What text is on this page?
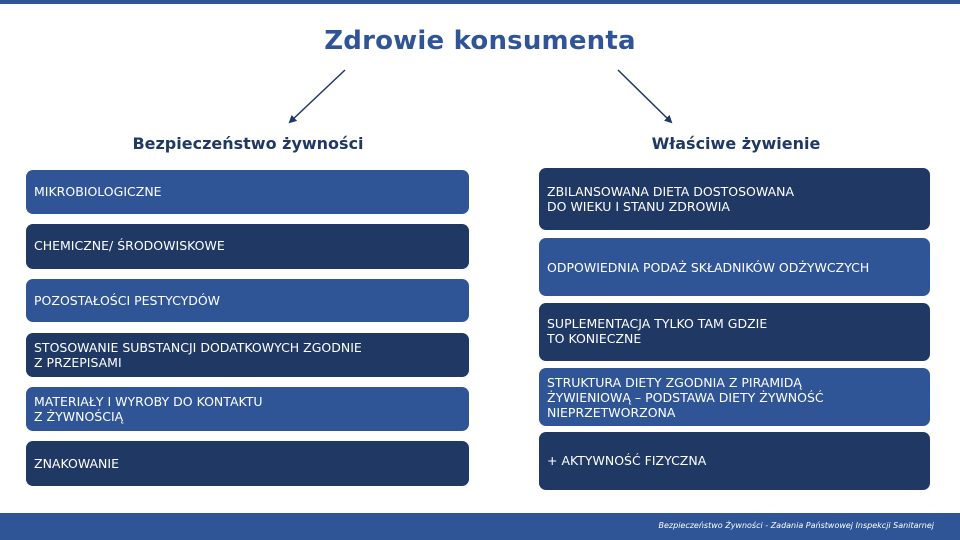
Zdrowie konsumenta
Bezpieczeństwo żywności	Właściwe żywienie
MIKROBIOLOGICZNE
CHEMICZNE/ ŚRODOWISKOWE
POZOSTAŁOŚCI PESTYCYDÓW
STOSOWANIE SUBSTANCJI DODATKOWYCH ZGODNIE
Z PRZEPISAMI
MATERIAŁY I WYROBY DO KONTAKTU
Z ŻYWNOŚCIĄ
ZNAKOWANIE
ZBILANSOWANA DIETA DOSTOSOWANA
DO WIEKU I STANU ZDROWIA
ODPOWIEDNIA PODAŻ SKŁADNIKÓW ODŻYWCZYCH
SUPLEMENTACJA TYLKO TAM GDZIE
TO KONIECZNE
STRUKTURA DIETY ZGODNIA Z PIRAMIDĄ
ŻYWIENIOWĄ – PODSTAWA DIETY ŻYWNOŚĆ
NIEPRZETWORZONA
+ AKTYWNOŚĆ FIZYCZNA
Bezpieczeństwo Żywności - Zadania Państwowej Inspekcji Sanitarnej
